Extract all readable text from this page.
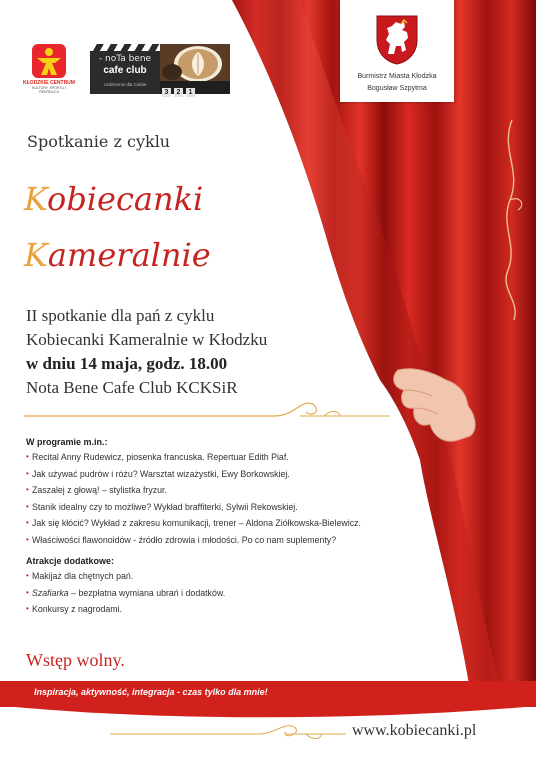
KŁODZKIE CENTRUM
KULTURY, SPORTU I REKREACJI
- noTa bene
cafe club
codziennie dla Ciebie
3 2 1
Burmistrz Miasta Kłodzka
Bogusław Szpytma
Spotkanie z cyklu
Kobiecanki
Kameralnie
II spotkanie dla pań z cyklu
Kobiecanki Kameralnie w Kłodzku
w dniu 14 maja, godz. 18.00
Nota Bene Cafe Club KCKSiR
W programie m.in.:
• Recital Anny Rudewicz, piosenka francuska. Repertuar Edith Piaf.
• Jak używać pudrów i różu? Warsztat wizażystki, Ewy Borkowskiej.
• Zaszalej z głową! – stylistka fryzur.
• Stanik idealny czy to możliwe? Wykład braffiterki, Sylwii Rekowskiej.
• Jak się kłócić? Wykład z zakresu komunikacji, trener – Aldona Ziółkowska-Bielewicz.
• Właściwości flawonoidów - źródło zdrowia i młodości. Po co nam suplementy?
Atrakcje dodatkowe:
• Makijaż dla chętnych pań.
• Szafiarka – bezpłatna wymiana ubrań i dodatków.
• Konkursy z nagrodami.
Wstęp wolny.
Inspiracja, aktywność, integracja - czas tylko dla mnie!
www.kobiecanki.pl
